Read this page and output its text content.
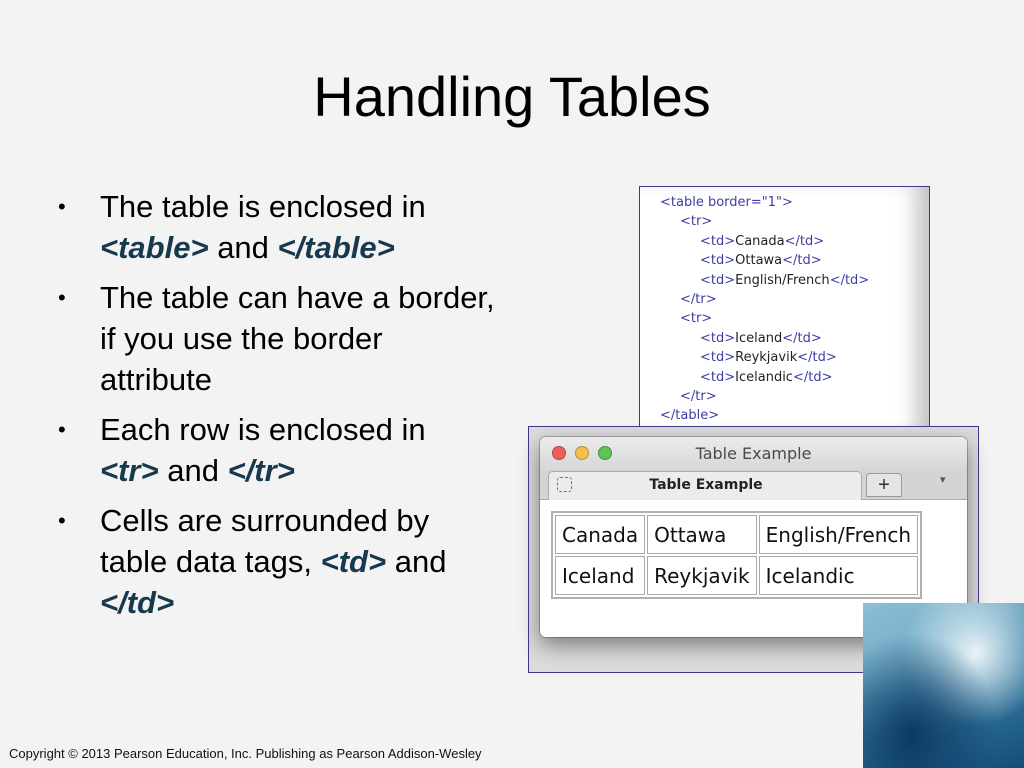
Handling Tables
• The table is enclosed in
<table> and </table>
• The table can have a border, if you use the border attribute
• Each row is enclosed in
<tr> and </tr>
• Cells are surrounded by table data tags, <td> and
</td>
<table border="1">
<tr>
<td>Canada</td>
<td>Ottawa</td>
<td>English/French</td>
</tr>
<tr>
<td>Iceland</td>
<td>Reykjavik</td>
<td>Icelandic</td>
</tr>
</table>
Table Example
Table Example	+	▾
Canada	Ottawa	English/French
Iceland	Reykjavik	Icelandic
Copyright © 2013 Pearson Education, Inc. Publishing as Pearson Addison-Wesley
